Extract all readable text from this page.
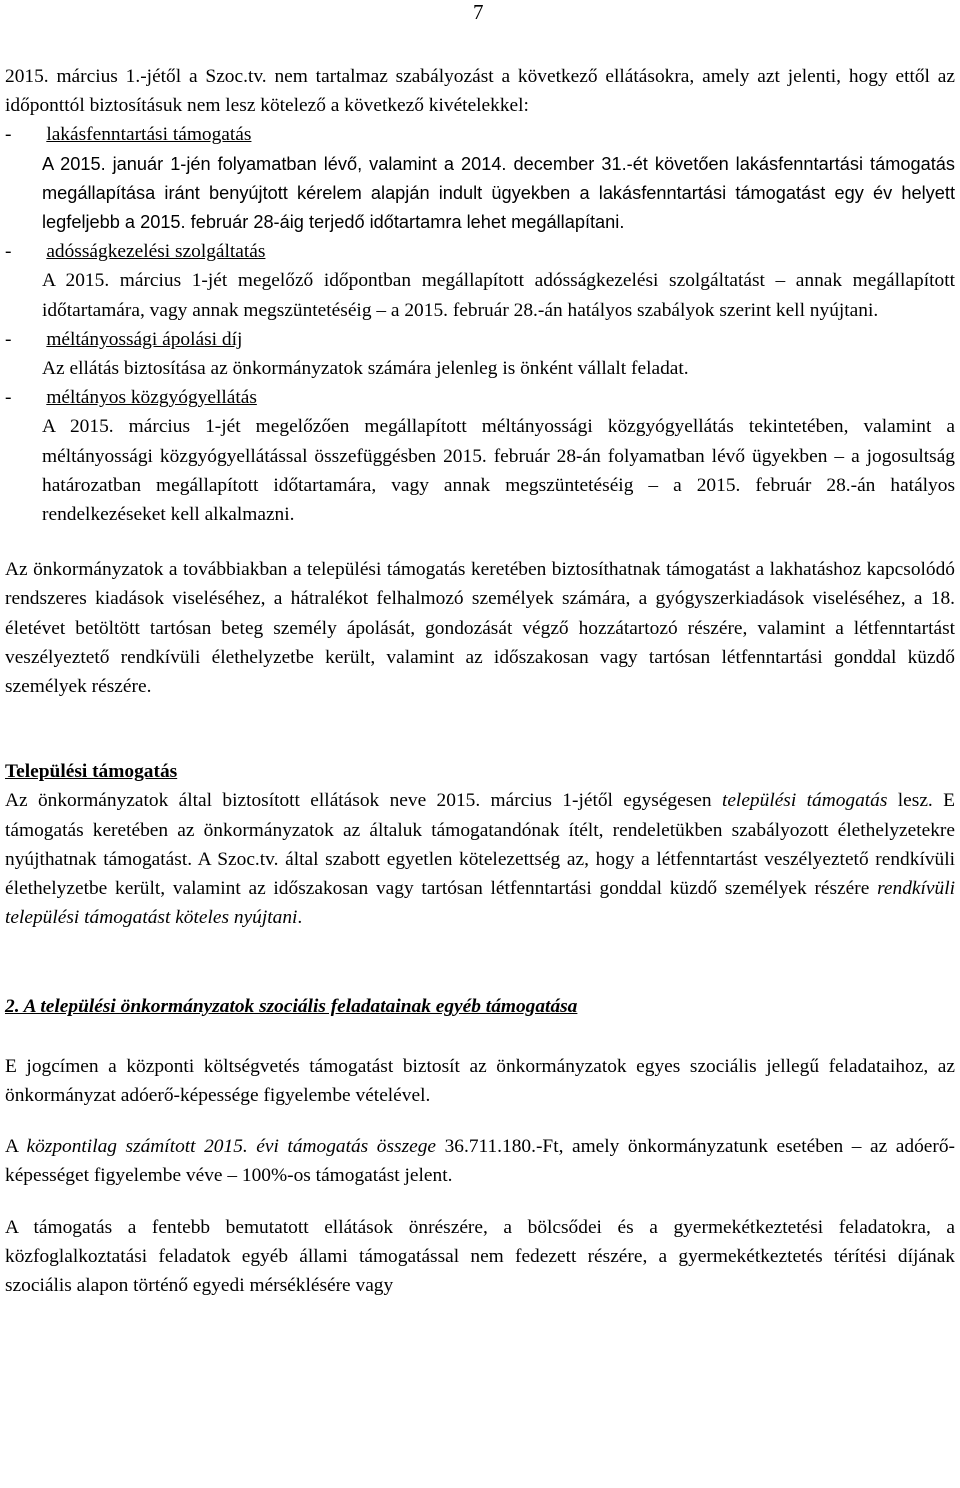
7

2015. március 1.-jétől a Szoc.tv. nem tartalmaz szabályozást a következő ellátásokra, amely azt jelenti, hogy ettől az időponttól biztosításuk nem lesz kötelező a következő kivételekkel:

- lakásfenntartási támogatás

A 2015. január 1-jén folyamatban lévő, valamint a 2014. december 31.-ét követően lakásfenntartási támogatás megállapítása iránt benyújtott kérelem alapján indult ügyekben a lakásfenntartási támogatást egy év helyett legfeljebb a 2015. február 28-áig terjedő időtartamra lehet megállapítani.

- adósságkezelési szolgáltatás

A 2015. március 1-jét megelőző időpontban megállapított adósságkezelési szolgáltatást – annak megállapított időtartamára, vagy annak megszüntetéséig – a 2015. február 28.-án hatályos szabályok szerint kell nyújtani.

- méltányossági ápolási díj

Az ellátás biztosítása az önkormányzatok számára jelenleg is önként vállalt feladat.

- méltányos közgyógyellátás

A 2015. március 1-jét megelőzően megállapított méltányossági közgyógyellátás tekintetében, valamint a méltányossági közgyógyellátással összefüggésben 2015. február 28-án folyamatban lévő ügyekben – a jogosultság határozatban megállapított időtartamára, vagy annak megszüntetéséig – a 2015. február 28.-án hatályos rendelkezéseket kell alkalmazni.

Az önkormányzatok a továbbiakban a települési támogatás keretében biztosíthatnak támogatást a lakhatáshoz kapcsolódó rendszeres kiadások viseléséhez, a hátralékot felhalmozó személyek számára, a gyógyszerkiadások viseléséhez, a 18. életévet betöltött tartósan beteg személy ápolását, gondozását végző hozzátartozó részére, valamint a létfenntartást veszélyeztető rendkívüli élethelyzetbe került, valamint az időszakosan vagy tartósan létfenntartási gonddal küzdő személyek részére.

Települési támogatás

Az önkormányzatok által biztosított ellátások neve 2015. március 1-jétől egységesen települési támogatás lesz. E támogatás keretében az önkormányzatok az általuk támogatandónak ítélt, rendeletükben szabályozott élethelyzetekre nyújthatnak támogatást. A Szoc.tv. által szabott egyetlen kötelezettség az, hogy a létfenntartást veszélyeztető rendkívüli élethelyzetbe került, valamint az időszakosan vagy tartósan létfenntartási gonddal küzdő személyek részére rendkívüli települési támogatást köteles nyújtani.

2. A települési önkormányzatok szociális feladatainak egyéb támogatása

E jogcímen a központi költségvetés támogatást biztosít az önkormányzatok egyes szociális jellegű feladataihoz, az önkormányzat adóerő-képessége figyelembe vételével.

A központilag számított 2015. évi támogatás összege 36.711.180.-Ft, amely önkormányzatunk esetében – az adóerő-képességet figyelembe véve – 100%-os támogatást jelent.

A támogatás a fentebb bemutatott ellátások önrészére, a bölcsődei és a gyermekétkeztetési feladatokra, a közfoglalkoztatási feladatok egyéb állami támogatással nem fedezett részére, a gyermekétkeztetés térítési díjának szociális alapon történő egyedi mérséklésére vagy
